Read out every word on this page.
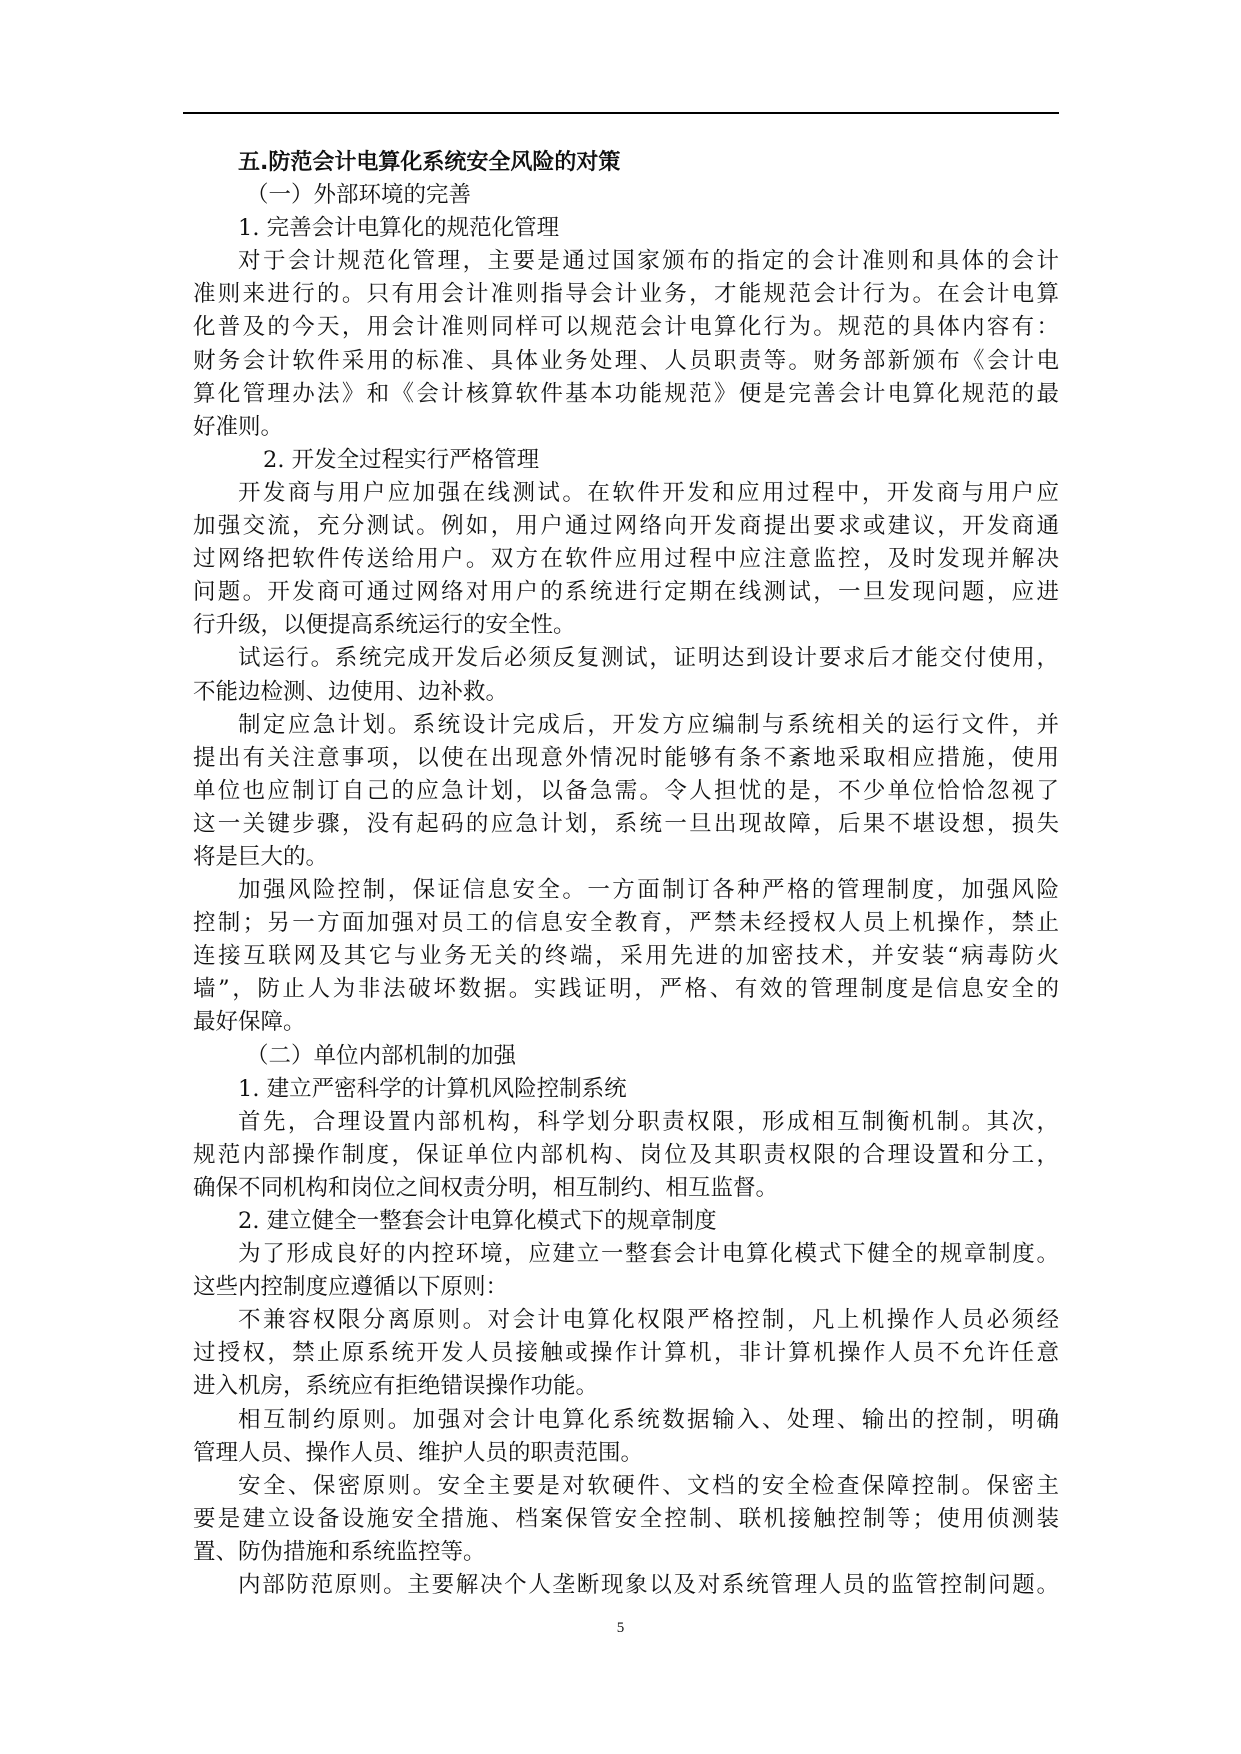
五.防范会计电算化系统安全风险的对策
（一）外部环境的完善
1. 完善会计电算化的规范化管理
对于会计规范化管理，主要是通过国家颁布的指定的会计准则和具体的会计
准则来进行的。只有用会计准则指导会计业务，才能规范会计行为。在会计电算
化普及的今天，用会计准则同样可以规范会计电算化行为。规范的具体内容有：
财务会计软件采用的标准、具体业务处理、人员职责等。财务部新颁布《会计电
算化管理办法》和《会计核算软件基本功能规范》便是完善会计电算化规范的最
好准则。
2. 开发全过程实行严格管理
开发商与用户应加强在线测试。在软件开发和应用过程中，开发商与用户应
加强交流，充分测试。例如，用户通过网络向开发商提出要求或建议，开发商通
过网络把软件传送给用户。双方在软件应用过程中应注意监控，及时发现并解决
问题。开发商可通过网络对用户的系统进行定期在线测试，一旦发现问题，应进
行升级，以便提高系统运行的安全性。
试运行。系统完成开发后必须反复测试，证明达到设计要求后才能交付使用，
不能边检测、边使用、边补救。
制定应急计划。系统设计完成后，开发方应编制与系统相关的运行文件，并
提出有关注意事项，以使在出现意外情况时能够有条不紊地采取相应措施，使用
单位也应制订自己的应急计划，以备急需。令人担忧的是，不少单位恰恰忽视了
这一关键步骤，没有起码的应急计划，系统一旦出现故障，后果不堪设想，损失
将是巨大的。
加强风险控制，保证信息安全。一方面制订各种严格的管理制度，加强风险
控制；另一方面加强对员工的信息安全教育，严禁未经授权人员上机操作，禁止
连接互联网及其它与业务无关的终端，采用先进的加密技术，并安装“病毒防火
墙”，防止人为非法破坏数据。实践证明，严格、有效的管理制度是信息安全的
最好保障。
（二）单位内部机制的加强
1. 建立严密科学的计算机风险控制系统
首先，合理设置内部机构，科学划分职责权限，形成相互制衡机制。其次，
规范内部操作制度，保证单位内部机构、岗位及其职责权限的合理设置和分工，
确保不同机构和岗位之间权责分明，相互制约、相互监督。
2. 建立健全一整套会计电算化模式下的规章制度
为了形成良好的内控环境，应建立一整套会计电算化模式下健全的规章制度。
这些内控制度应遵循以下原则：
不兼容权限分离原则。对会计电算化权限严格控制，凡上机操作人员必须经
过授权，禁止原系统开发人员接触或操作计算机，非计算机操作人员不允许任意
进入机房，系统应有拒绝错误操作功能。
相互制约原则。加强对会计电算化系统数据输入、处理、输出的控制，明确
管理人员、操作人员、维护人员的职责范围。
安全、保密原则。安全主要是对软硬件、文档的安全检查保障控制。保密主
要是建立设备设施安全措施、档案保管安全控制、联机接触控制等；使用侦测装
置、防伪措施和系统监控等。
内部防范原则。主要解决个人垄断现象以及对系统管理人员的监管控制问题。
5
